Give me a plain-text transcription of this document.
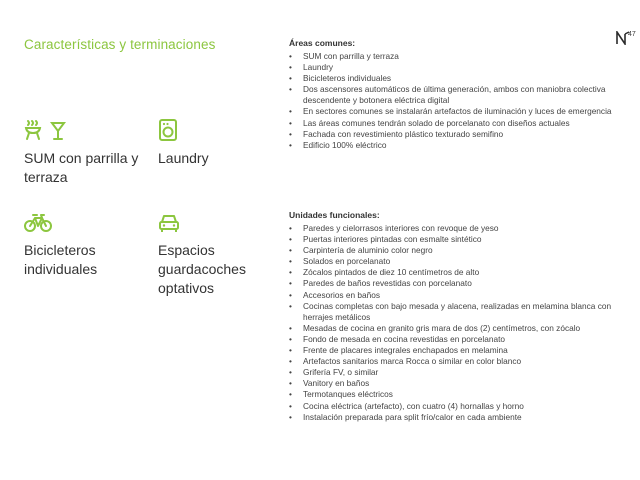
Características y terminaciones
47
SUM con parrilla y terraza
Laundry
Bicicleteros individuales
Espacios guardacoches optativos
Áreas comunes:
• SUM con parrilla y terraza
• Laundry
• Bicicleteros individuales
• Dos ascensores automáticos de última generación, ambos con maniobra colectiva descendente y botonera eléctrica digital
• En sectores comunes se instalarán artefactos de iluminación y luces de emergencia
• Las áreas comunes tendrán solado de porcelanato con diseños actuales
• Fachada con revestimiento plástico texturado semifino
• Edificio 100% eléctrico
Unidades funcionales:
• Paredes y cielorrasos interiores con revoque de yeso
• Puertas interiores pintadas con esmalte sintético
• Carpintería de aluminio color negro
• Solados en porcelanato
• Zócalos pintados de diez 10 centímetros de alto
• Paredes de baños revestidas con porcelanato
• Accesorios en baños
• Cocinas completas con bajo mesada y alacena, realizadas en melamina blanca con herrajes metálicos
• Mesadas de cocina en granito gris mara de dos (2) centímetros, con zócalo
• Fondo de mesada en cocina revestidas en porcelanato
• Frente de placares integrales enchapados en melamina
• Artefactos sanitarios marca Rocca o similar en color blanco
• Grifería FV, o similar
• Vanitory en baños
• Termotanques eléctricos
• Cocina eléctrica (artefacto), con cuatro (4) hornallas y horno
• Instalación preparada para split frío/calor en cada ambiente
